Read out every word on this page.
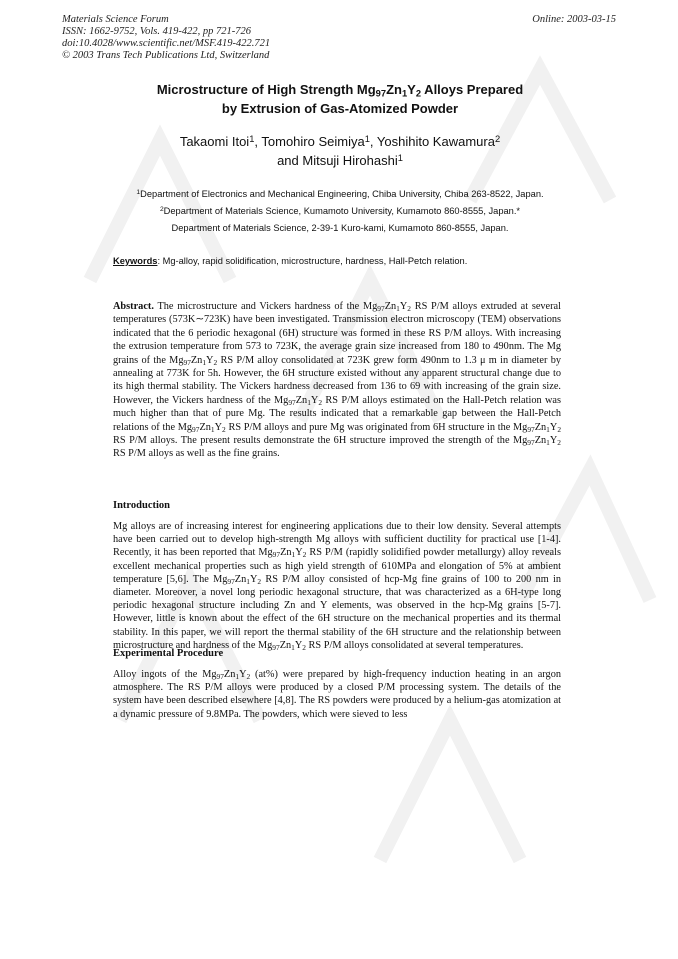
Materials Science Forum
ISSN: 1662-9752, Vols. 419-422, pp 721-726
doi:10.4028/www.scientific.net/MSF.419-422.721
© 2003 Trans Tech Publications Ltd, Switzerland
Online: 2003-03-15
Microstructure of High Strength $Mg_{97}Zn_1Y_2$ Alloys Prepared
by Extrusion of Gas-Atomized Powder
Takaomi Itoi$^1$, Tomohiro Seimiya$^1$, Yoshihito Kawamura$^2$
and Mitsuji Hirohashi$^1$
$^1$Department of Electronics and Mechanical Engineering, Chiba University, Chiba 263-8522, Japan.
$^2$Department of Materials Science, Kumamoto University, Kumamoto 860-8555, Japan.*
Department of Materials Science, 2-39-1 Kuro-kami, Kumamoto 860-8555, Japan.
Keywords: Mg-alloy, rapid solidification, microstructure, hardness, Hall-Petch relation.
Abstract. The microstructure and Vickers hardness of the $Mg_{97}Zn_1Y_2$ RS P/M alloys extruded at several temperatures (573K∼723K) have been investigated. Transmission electron microscopy (TEM) observations indicated that the 6 periodic hexagonal (6H) structure was formed in these RS P/M alloys. With increasing the extrusion temperature from 573 to 723K, the average grain size increased from 180 to 490nm. The Mg grains of the $Mg_{97}Zn_1Y_2$ RS P/M alloy consolidated at 723K grew form 490nm to 1.3 μ m in diameter by annealing at 773K for 5h. However, the 6H structure existed without any apparent structural change due to its high thermal stability. The Vickers hardness decreased from 136 to 69 with increasing of the grain size. However, the Vickers hardness of the $Mg_{97}Zn_1Y_2$ RS P/M alloys estimated on the Hall-Petch relation was much higher than that of pure Mg. The results indicated that a remarkable gap between the Hall-Petch relations of the $Mg_{97}Zn_1Y_2$ RS P/M alloys and pure Mg was originated from 6H structure in the $Mg_{97}Zn_1Y_2$ RS P/M alloys. The present results demonstrate the 6H structure improved the strength of the $Mg_{97}Zn_1Y_2$ RS P/M alloys as well as the fine grains.
Introduction
Mg alloys are of increasing interest for engineering applications due to their low density. Several attempts have been carried out to develop high-strength Mg alloys with sufficient ductility for practical use [1-4]. Recently, it has been reported that $Mg_{97}Zn_1Y_2$ RS P/M (rapidly solidified powder metallurgy) alloy reveals excellent mechanical properties such as high yield strength of 610MPa and elongation of 5% at ambient temperature [5,6]. The $Mg_{97}Zn_1Y_2$ RS P/M alloy consisted of hcp-Mg fine grains of 100 to 200 nm in diameter. Moreover, a novel long periodic hexagonal structure, that was characterized as a 6H-type long periodic hexagonal structure including Zn and Y elements, was observed in the hcp-Mg grains [5-7]. However, little is known about the effect of the 6H structure on the mechanical properties and its thermal stability. In this paper, we will report the thermal stability of the 6H structure and the relationship between microstructure and hardness of the $Mg_{97}Zn_1Y_2$ RS P/M alloys consolidated at several temperatures.
Experimental Procedure
Alloy ingots of the $Mg_{97}Zn_1Y_2$ (at%) were prepared by high-frequency induction heating in an argon atmosphere. The RS P/M alloys were produced by a closed P/M processing system. The details of the system have been described elsewhere [4,8]. The RS powders were produced by a helium-gas atomization at a dynamic pressure of 9.8MPa. The powders, which were sieved to less
